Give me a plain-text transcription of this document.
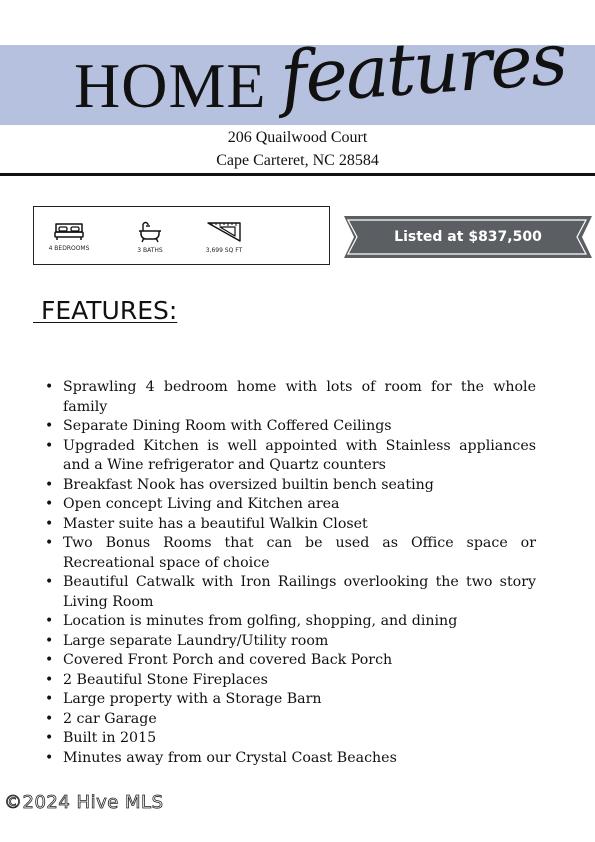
HOME features
206 Quailwood Court
Cape Carteret, NC 28584
4 BEDROOMS	3 BATHS	3,699 SQ FT
Listed at $837,500
FEATURES:
• Sprawling 4 bedroom home with lots of room for the whole family
• Separate Dining Room with Coffered Ceilings
• Upgraded Kitchen is well appointed with Stainless appliances and a Wine refrigerator and Quartz counters
• Breakfast Nook has oversized builtin bench seating
• Open concept Living and Kitchen area
• Master suite has a beautiful Walkin Closet
• Two Bonus Rooms that can be used as Office space or Recreational space of choice
• Beautiful Catwalk with Iron Railings overlooking the two story Living Room
• Location is minutes from golfing, shopping, and dining
• Large separate Laundry/Utility room
• Covered Front Porch and covered Back Porch
• 2 Beautiful Stone Fireplaces
• Large property with a Storage Barn
• 2 car Garage
• Built in 2015
• Minutes away from our Crystal Coast Beaches
©2024 Hive MLS
